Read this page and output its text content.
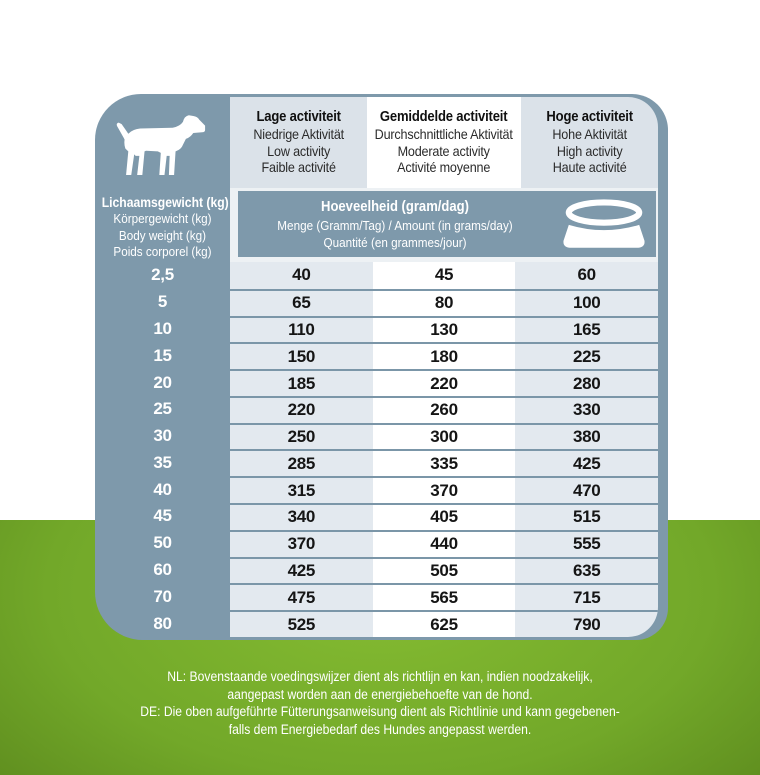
NL: Bovenstaande voedingswijzer dient als richtlijn en kan, indien noodzakelijk,
aangepast worden aan de energiebehoefte van de hond.
DE: Die oben aufgeführte Fütterungsanweisung dient als Richtlinie und kann gegebenen-
falls dem Energiebedarf des Hundes angepasst werden.
Lage activiteit
Niedrige Aktivität
Low activity
Faible activité
Gemiddelde activiteit
Durchschnittliche Aktivität
Moderate activity
Activité moyenne
Hoge activiteit
Hohe Aktivität
High activity
Haute activité
Lichaamsgewicht (kg)
Körpergewicht (kg)
Body weight (kg)
Poids corporel (kg)
Hoeveelheid (gram/dag)
Menge (Gramm/Tag) / Amount (in grams/day)
Quantité (en grammes/jour)
2,5	40	45	60
5	65	80	100
10	110	130	165
15	150	180	225
20	185	220	280
25	220	260	330
30	250	300	380
35	285	335	425
40	315	370	470
45	340	405	515
50	370	440	555
60	425	505	635
70	475	565	715
80	525	625	790
